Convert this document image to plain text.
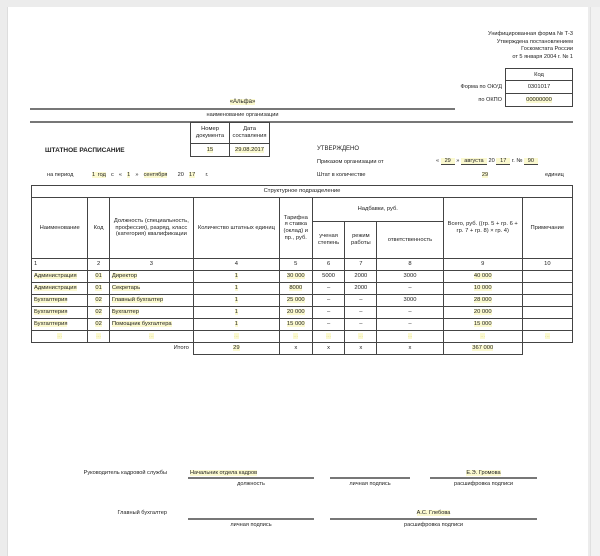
Унифицированная форма № Т-3
Утверждена постановлением
Госкомстата России
от 5 января 2004 г. № 1
Код
0301017
00000000
Форма по ОКУД
по ОКПО
«Альфа»
наименование организации
ШТАТНОЕ РАСПИСАНИЕ
Номер документа	Дата составления
15	29.08.2017	УТВЕРЖДЕНО
Приказом организации от	« 29 » августа 20 17 г. № 90
Штат в количестве	29	единиц
на период	1 год с « 1 » сентября 20 17 г.
Структурное подразделение									
Наименование	Код	Должность (специальность, профессия), разряд, класс (категория) квалификации	Количество штатных единиц	Тарифна я ставка (оклад) и пр., руб.	Надбавки, руб.			Всего, руб. ((гр. 5 + гр. 6 + гр. 7 + гр. 8) × гр. 4)	Примечание
					ученая степень	режим работы	ответственность		
1	2	3	4	5	6	7	8	9	10
Администрация	01	Директор	1	30 000	5000	2000	3000	40 000	
Администрация	01	Секретарь	1	8000	–	2000	–	10 000	
Бухгалтерия	02	Главный бухгалтер	1	25 000	–	–	3000	28 000	
Бухгалтерия	02	Бухгалтер	1	20 000	–	–	–	20 000	
Бухгалтерия	02	Помощник бухгалтера	1	15 000	–	–	–	15 000	
...	...	...	...	...	...	...	...	...	...
Итого			29	х	х	х	х	367 000	
Руководитель кадровой службы	Начальник отдела кадров
должность	личная подпись
Е.Э. Громова
расшифровка подписи
Главный бухгалтер
личная подпись
А.С. Глебова
расшифровка подписи
